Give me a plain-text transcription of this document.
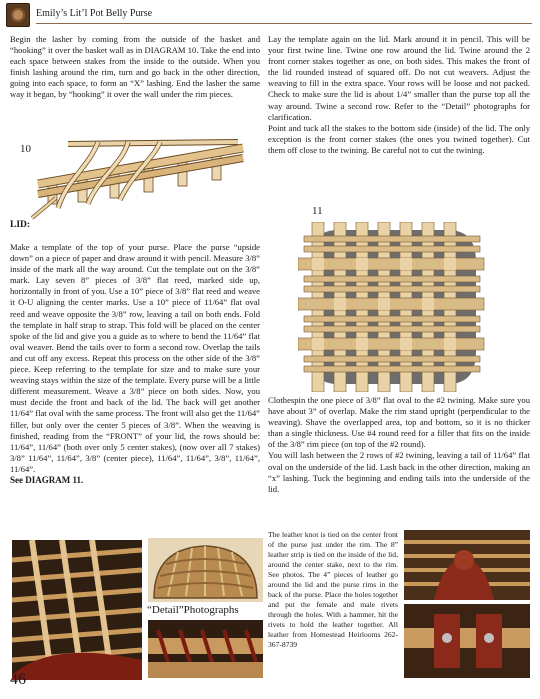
Emily’s Lit’l Pot Belly Purse

Begin the lasher by coming from the outside of the basket and “hooking” it over the basket wall as in DIAGRAM 10. Take the end into each space between stakes from the inside to the outside. When you finish lashing around the rim, turn and go back in the other direction, going into each space, to form an “X” lashing. End the lasher the same way it began, by “hooking” it over the wall under the rim pieces.

10
LID:

Make a template of the top of your purse. Place the purse “upside down” on a piece of paper and draw around it with pencil. Measure 3/8” inside of the mark all the way around. Cut the template out on the 3/8” mark. Lay seven 8” pieces of 3/8” flat reed, marked side up, horizontally in front of you. Use a 10” piece of 3/8” flat reed and weave it O-U aligning the center marks. Use a 10” piece of 11/64” flat oval reed and weave opposite the 3/8” row, leaving a tail on both ends. Fold the template in half strap to strap. This fold will be placed on the center spoke of the lid and give you a guide as to where to bend the 11/64” flat oval weaver. Bend the tails over to form a second row. Overlap the tails and cut off any excess. Repeat this process on the other side of the 3/8” piece. Keep referring to the template for size and to make sure your weaving stays within the size of the template. Every purse will be a little different measurement. Weave a 3/8” piece on both sides. Now, you must decide the front and back of the lid. The back will get another 11/64” flat oval with the same process. The front will also get the 11/64” filler, but only over the center 5 pieces of 3/8”. When the weaving is finished, reading from the “FRONT” of your lid, the rows should be: 11/64”, 11/64” (both over only 5 center stakes), (now over all 7 stakes) 3/8” 11/64”, 11/64”, 3/8” (center piece), 11/64”, 11/64”, 3/8”, 11/64”, 11/64”.

See DIAGRAM 11.

Lay the template again on the lid. Mark around it in pencil. This will be your first twine line. Twine one row around the lid. Twine around the 2 front corner stakes together as one, on both sides. This makes the front of the lid rounded instead of squared off. Do not cut weavers. Adjust the weaving to fill in the extra space. Your rows will be loose and not packed. Check to make sure the lid is about 1/4” smaller than the purse top all the way around. Twine a second row. Refer to the “Detail” photographs for clarification.

Point and tuck all the stakes to the bottom side (inside) of the lid. The only exception is the front corner stakes (the ones you twined together). Cut them off close to the twining. Be careful not to cut the twining.

11

Clothespin the one piece of 3/8” flat oval to the #2 twining. Make sure you have about 3” of overlap. Make the rim stand upright (perpendicular to the weaving). Shave the overlapped area, top and bottom, so it is no thicker than a single thickness. Use #4 round reed for a filler that fits on the inside of the 3/8” rim piece (on top of the #2 round).

You will lash between the 2 rows of #2 twining, leaving a tail of 11/64” flat oval on the underside of the lid. Lash back in the other direction, making an “x” lashing. Tuck the beginning and ending tails into the underside of the lid.

“Detail”Photographs
The leather knot is tied on the center front of the purse just under the rim. The 8” leather strip is tied on the inside of the lid, around the center stake, next to the rim. See photos. The 4” pieces of leather go around the lid and the purse rims in the back of the purse. Place the holes together and put the female and male rivets through the holes. With a hammer, hit the rivets to hold the leather together. All leather from Homestead Heirlooms 262-367-8739
46
